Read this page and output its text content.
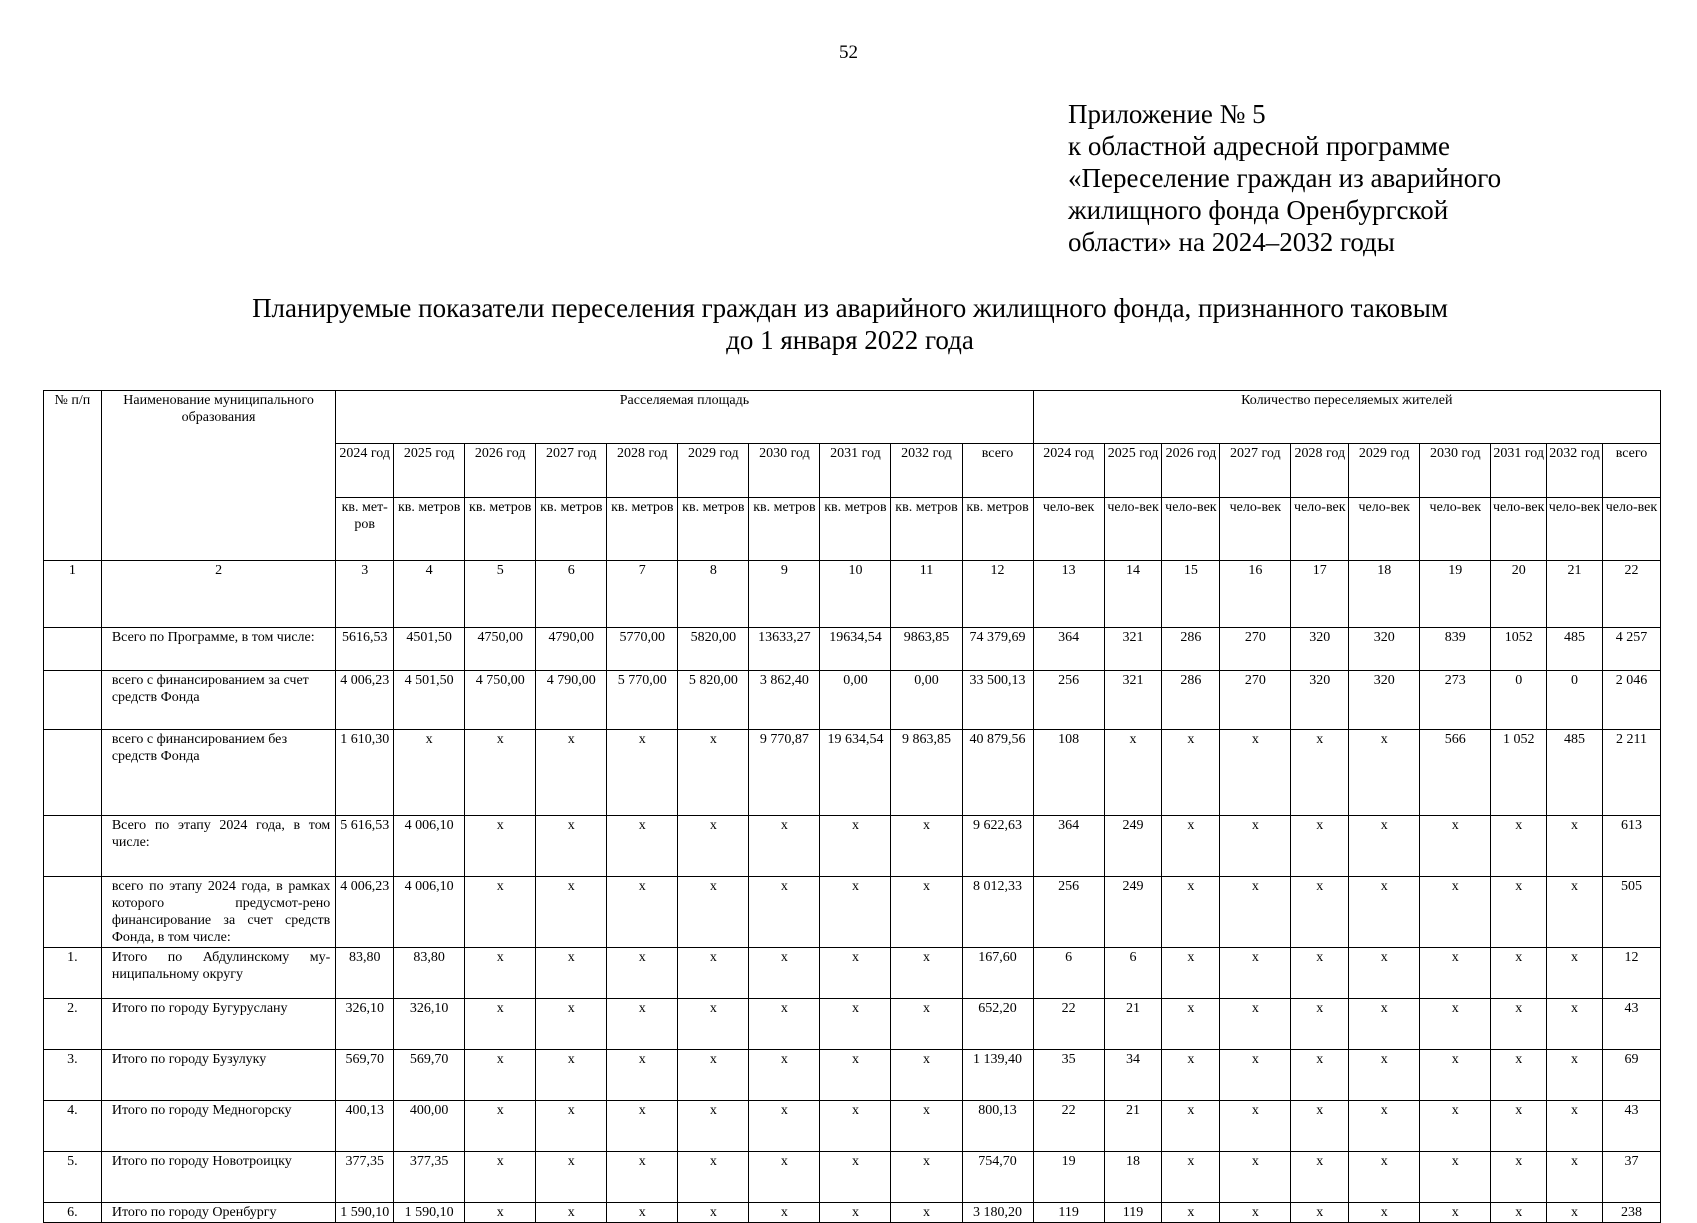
52
Приложение № 5
к областной адресной программе
«Переселение граждан из аварийного
жилищного фонда Оренбургской
области» на 2024–2032 годы
Планируемые показатели переселения граждан из аварийного жилищного фонда, признанного таковым
до 1 января 2022 года
№ п/п	Наименование муниципального образования	Расселяемая площадь										Количество переселяемых жителей									
		2024 год	2025 год	2026 год	2027 год	2028 год	2029 год	2030 год	2031 год	2032 год	всего	2024 год	2025 год	2026 год	2027 год	2028 год	2029 год	2030 год	2031 год	2032 год	всего
		кв. мет-ров	кв. метров	кв. метров	кв. метров	кв. метров	кв. метров	кв. метров	кв. метров	кв. метров	кв. метров	чело-век	чело-век	чело-век	чело-век	чело-век	чело-век	чело-век	чело-век	чело-век	чело-век
1	2	3	4	5	6	7	8	9	10	11	12	13	14	15	16	17	18	19	20	21	22
	Всего по Программе, в том числе:	5616,53	4501,50	4750,00	4790,00	5770,00	5820,00	13633,27	19634,54	9863,85	74 379,69	364	321	286	270	320	320	839	1052	485	4 257
	всего с финансированием за счет средств Фонда	4 006,23	4 501,50	4 750,00	4 790,00	5 770,00	5 820,00	3 862,40	0,00	0,00	33 500,13	256	321	286	270	320	320	273	0	0	2 046
	всего с финансированием без средств Фонда	1 610,30	х	х	х	х	х	9 770,87	19 634,54	9 863,85	40 879,56	108	х	х	х	х	х	566	1 052	485	2 211
	Всего по этапу 2024 года, в том числе:	5 616,53	4 006,10	х	х	х	х	х	х	х	9 622,63	364	249	х	х	х	х	х	х	х	613
	всего по этапу 2024 года, в рамках которого предусмот-рено финансирование за счет средств Фонда, в том числе:	4 006,23	4 006,10	х	х	х	х	х	х	х	8 012,33	256	249	х	х	х	х	х	х	х	505
1.	Итого по Абдулинскому му-ниципальному округу	83,80	83,80	х	х	х	х	х	х	х	167,60	6	6	х	х	х	х	х	х	х	12
2.	Итого по городу Бугуруслану	326,10	326,10	х	х	х	х	х	х	х	652,20	22	21	х	х	х	х	х	х	х	43
3.	Итого по городу Бузулуку	569,70	569,70	х	х	х	х	х	х	х	1 139,40	35	34	х	х	х	х	х	х	х	69
4.	Итого по городу Медногорску	400,13	400,00	х	х	х	х	х	х	х	800,13	22	21	х	х	х	х	х	х	х	43
5.	Итого по городу Новотроицку	377,35	377,35	х	х	х	х	х	х	х	754,70	19	18	х	х	х	х	х	х	х	37
6.	Итого по городу Оренбургу	1 590,10	1 590,10	х	х	х	х	х	х	х	3 180,20	119	119	х	х	х	х	х	х	х	238
